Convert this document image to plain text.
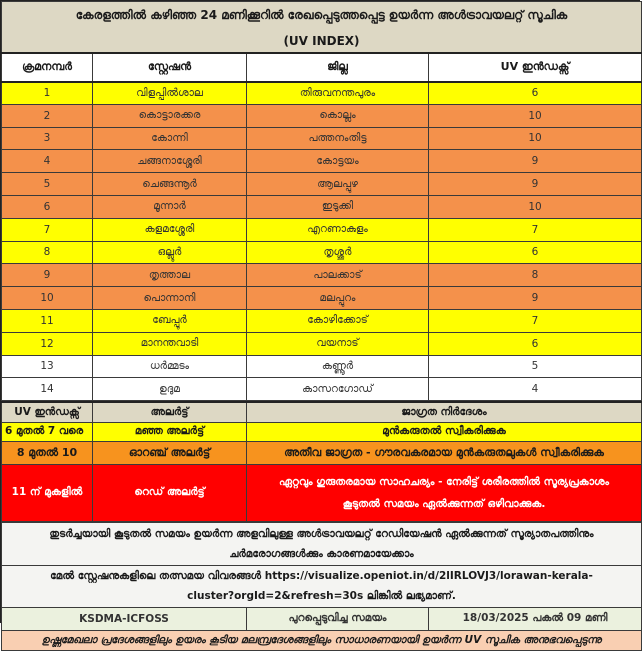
കേരളത്തിൽ കഴിഞ്ഞ 24 മണിക്കൂറിൽ രേഖപ്പെടുത്തപ്പെട്ട ഉയർന്ന അൾട്രാവയലറ്റ് സൂചിക			
(UV INDEX)			
ക്രമനമ്പർ	സ്റ്റേഷൻ	ജില്ല	UV ഇൻഡക്സ്
1	വിളപ്പിൽശാല	തിരുവനന്തപുരം	6
2	കൊട്ടാരക്കര	കൊല്ലം	10
3	കോന്നി	പത്തനംതിട്ട	10
4	ചങ്ങനാശ്ശേരി	കോട്ടയം	9
5	ചെങ്ങന്നൂർ	ആലപ്പുഴ	9
6	മൂന്നാർ	ഇടുക്കി	10
7	കളമശ്ശേരി	എറണാകുളം	7
8	ഒല്ലൂർ	തൃശ്ശൂർ	6
9	തൃത്താല	പാലക്കാട്	8
10	പൊന്നാനി	മലപ്പുറം	9
11	ബേപ്പൂർ	കോഴിക്കോട്	7
12	മാനന്തവാടി	വയനാട്	6
13	ധർമ്മടം	കണ്ണൂർ	5
14	ഉദുമ	കാസറഗോഡ്	4
UV ഇൻഡക്സ്	അലർട്ട്	ജാഗ്രത നിർദേശം
6 മുതൽ 7 വരെ	മഞ്ഞ അലർട്ട്	മുൻകരുതൽ സ്വീകരിക്കുക
8 മുതൽ 10	ഓറഞ്ച് അലർട്ട്	അതീവ ജാഗ്രത - ഗൗരവകരമായ മുൻകരുതലുകൾ സ്വീകരിക്കുക
11 ന് മുകളിൽ	റെഡ് അലർട്ട്	ഏറ്റവും ഗുരുതരമായ സാഹചര്യം - നേരിട്ട് ശരീരത്തിൽ സൂര്യപ്രകാശം
കൂടുതൽ സമയം ഏൽക്കുന്നത് ഒഴിവാക്കുക.
തുടർച്ചയായി കൂടുതൽ സമയം ഉയർന്ന അളവിലുള്ള അൾട്രാവയലറ്റ് റേഡിയേഷൻ ഏൽക്കുന്നത് സൂര്യാതപത്തിനും
ചർമരോഗങ്ങൾക്കും കാരണമായേക്കാം
മേൽ സ്റ്റേഷനുകളിലെ തത്സമയ വിവരങ്ങൾ https://visualize.openiot.in/d/2lIRLOVJ3/lorawan-kerala-
cluster?orgId=2&refresh=30s ലിങ്കിൽ ലഭ്യമാണ്.
KSDMA-ICFOSS	പുറപ്പെടുവിച്ച സമയം	18/03/2025 പകൽ 09 മണി
ഉഷ്ണമേഖലാ പ്രദേശങ്ങളിലും ഉയരം കൂടിയ മലമ്പ്രദേശങ്ങളിലും സാധാരണയായി ഉയർന്ന UV സൂചിക അനുഭവപ്പെടുന്നു
